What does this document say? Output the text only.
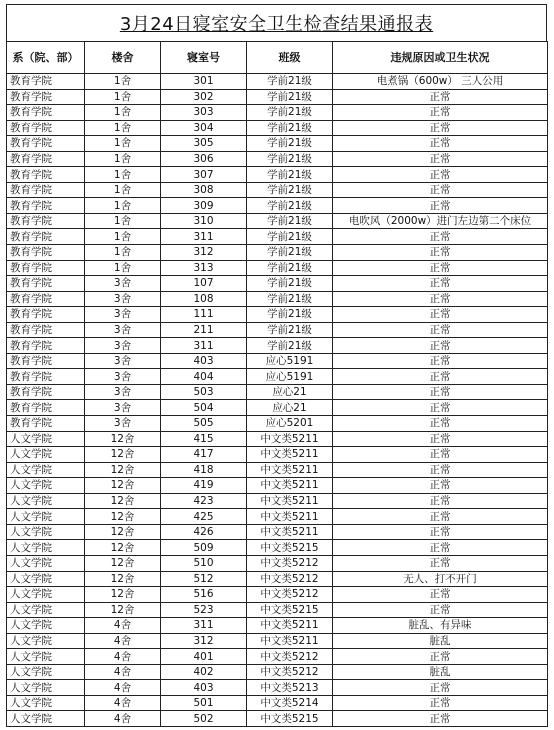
3月24日寝室安全卫生检查结果通报表
系（院、部）	楼舍	寝室号	班级	违规原因或卫生状况
教育学院	1舍	301	学前21级	电煮锅（600w） 三人公用
教育学院	1舍	302	学前21级	正常
教育学院	1舍	303	学前21级	正常
教育学院	1舍	304	学前21级	正常
教育学院	1舍	305	学前21级	正常
教育学院	1舍	306	学前21级	正常
教育学院	1舍	307	学前21级	正常
教育学院	1舍	308	学前21级	正常
教育学院	1舍	309	学前21级	正常
教育学院	1舍	310	学前21级	电吹风（2000w）进门左边第二个床位
教育学院	1舍	311	学前21级	正常
教育学院	1舍	312	学前21级	正常
教育学院	1舍	313	学前21级	正常
教育学院	3舍	107	学前21级	正常
教育学院	3舍	108	学前21级	正常
教育学院	3舍	111	学前21级	正常
教育学院	3舍	211	学前21级	正常
教育学院	3舍	311	学前21级	正常
教育学院	3舍	403	应心5191	正常
教育学院	3舍	404	应心5191	正常
教育学院	3舍	503	应心21	正常
教育学院	3舍	504	应心21	正常
教育学院	3舍	505	应心5201	正常
人文学院	12舍	415	中文类5211	正常
人文学院	12舍	417	中文类5211	正常
人文学院	12舍	418	中文类5211	正常
人文学院	12舍	419	中文类5211	正常
人文学院	12舍	423	中文类5211	正常
人文学院	12舍	425	中文类5211	正常
人文学院	12舍	426	中文类5211	正常
人文学院	12舍	509	中文类5215	正常
人文学院	12舍	510	中文类5212	正常
人文学院	12舍	512	中文类5212	无人、打不开门
人文学院	12舍	516	中文类5212	正常
人文学院	12舍	523	中文类5215	正常
人文学院	4舍	311	中文类5211	脏乱、有异味
人文学院	4舍	312	中文类5211	脏乱
人文学院	4舍	401	中文类5212	正常
人文学院	4舍	402	中文类5212	脏乱
人文学院	4舍	403	中文类5213	正常
人文学院	4舍	501	中文类5214	正常
人文学院	4舍	502	中文类5215	正常
